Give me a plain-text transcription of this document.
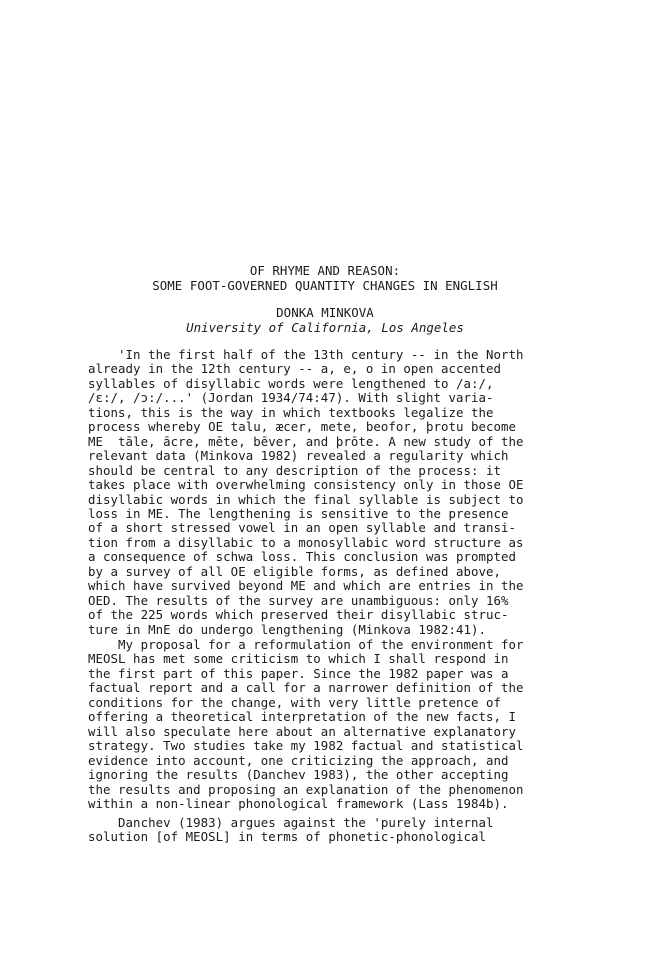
OF RHYME AND REASON:
SOME FOOT-GOVERNED QUANTITY CHANGES IN ENGLISH
DONKA MINKOVA
University of California, Los Angeles
'In the first half of the 13th century -- in the North
already in the 12th century -- a, e, o in open accented
syllables of disyllabic words were lengthened to /a:/,
/ɛ:/, /ɔ:/...' (Jordan 1934/74:47). With slight varia-
tions, this is the way in which textbooks legalize the
process whereby OE talu, æcer, mete, beofor, þrotu become
ME  tāle, ācre, mēte, bēver, and þrōte. A new study of the
relevant data (Minkova 1982) revealed a regularity which
should be central to any description of the process: it
takes place with overwhelming consistency only in those OE
disyllabic words in which the final syllable is subject to
loss in ME. The lengthening is sensitive to the presence
of a short stressed vowel in an open syllable and transi-
tion from a disyllabic to a monosyllabic word structure as
a consequence of schwa loss. This conclusion was prompted
by a survey of all OE eligible forms, as defined above,
which have survived beyond ME and which are entries in the
OED. The results of the survey are unambiguous: only 16%
of the 225 words which preserved their disyllabic struc-
ture in MnE do undergo lengthening (Minkova 1982:41).
My proposal for a reformulation of the environment for
MEOSL has met some criticism to which I shall respond in
the first part of this paper. Since the 1982 paper was a
factual report and a call for a narrower definition of the
conditions for the change, with very little pretence of
offering a theoretical interpretation of the new facts, I
will also speculate here about an alternative explanatory
strategy. Two studies take my 1982 factual and statistical
evidence into account, one criticizing the approach, and
ignoring the results (Danchev 1983), the other accepting
the results and proposing an explanation of the phenomenon
within a non-linear phonological framework (Lass 1984b).
Danchev (1983) argues against the 'purely internal
solution [of MEOSL] in terms of phonetic-phonological
